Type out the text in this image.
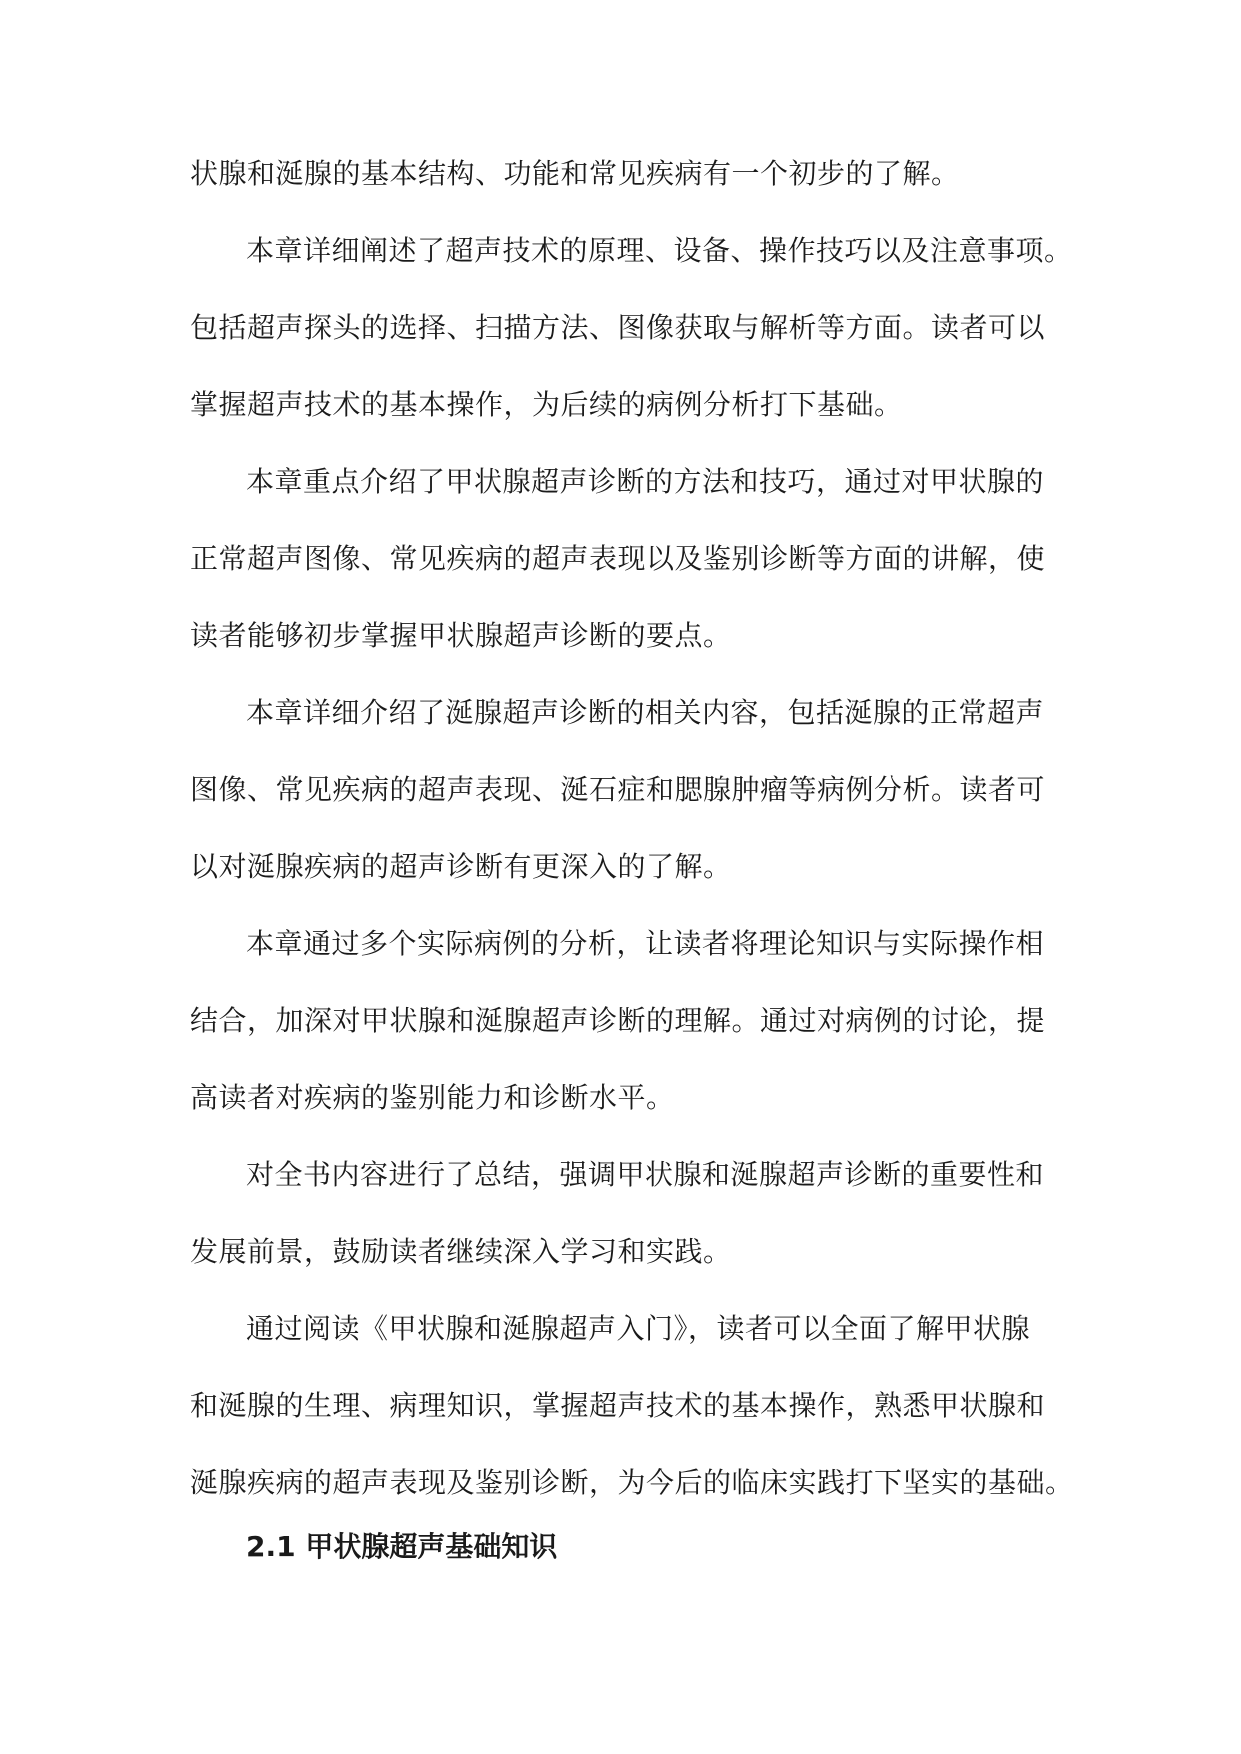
状腺和涎腺的基本结构、功能和常见疾病有一个初步的了解。
本章详细阐述了超声技术的原理、设备、操作技巧以及注意事项。
包括超声探头的选择、扫描方法、图像获取与解析等方面。读者可以
掌握超声技术的基本操作，为后续的病例分析打下基础。
本章重点介绍了甲状腺超声诊断的方法和技巧，通过对甲状腺的
正常超声图像、常见疾病的超声表现以及鉴别诊断等方面的讲解，使
读者能够初步掌握甲状腺超声诊断的要点。
本章详细介绍了涎腺超声诊断的相关内容，包括涎腺的正常超声
图像、常见疾病的超声表现、涎石症和腮腺肿瘤等病例分析。读者可
以对涎腺疾病的超声诊断有更深入的了解。
本章通过多个实际病例的分析，让读者将理论知识与实际操作相
结合，加深对甲状腺和涎腺超声诊断的理解。通过对病例的讨论，提
高读者对疾病的鉴别能力和诊断水平。
对全书内容进行了总结，强调甲状腺和涎腺超声诊断的重要性和
发展前景，鼓励读者继续深入学习和实践。
通过阅读《甲状腺和涎腺超声入门》，读者可以全面了解甲状腺
和涎腺的生理、病理知识，掌握超声技术的基本操作，熟悉甲状腺和
涎腺疾病的超声表现及鉴别诊断，为今后的临床实践打下坚实的基础。
2.1 甲状腺超声基础知识
